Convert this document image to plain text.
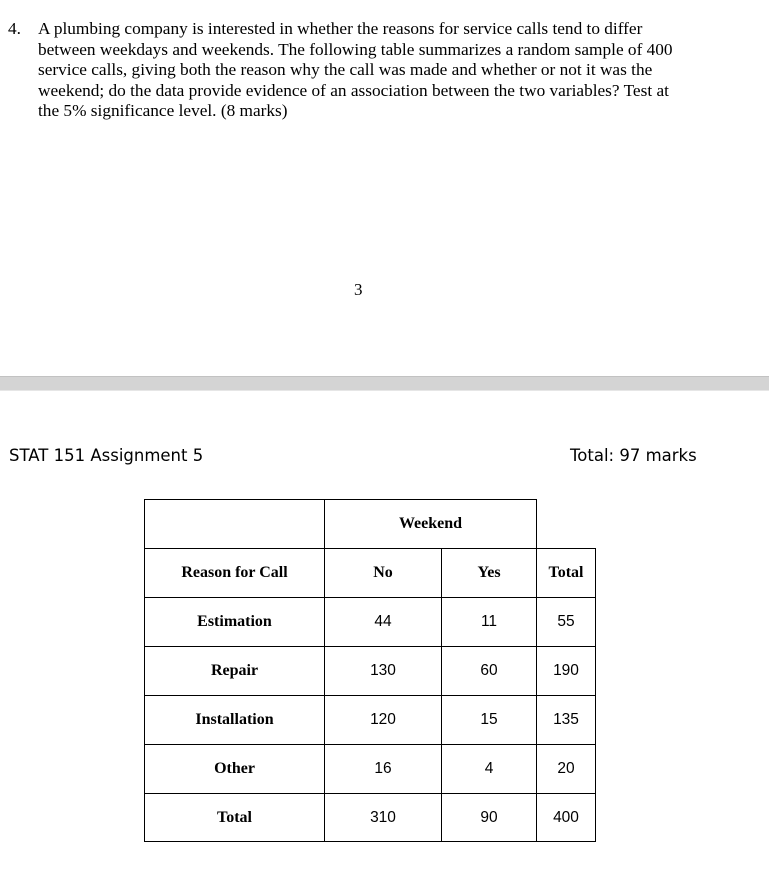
4. A plumbing company is interested in whether the reasons for service calls tend to differ
between weekdays and weekends. The following table summarizes a random sample of 400
service calls, giving both the reason why the call was made and whether or not it was the
weekend; do the data provide evidence of an association between the two variables? Test at
the 5% significance level. (8 marks)
3
STAT 151 Assignment 5	Total: 97 marks
Weekend
Reason for Call	No	Yes	Total
Estimation	44	11	55
Repair	130	60	190
Installation	120	15	135
Other	16	4	20
Total	310	90	400
